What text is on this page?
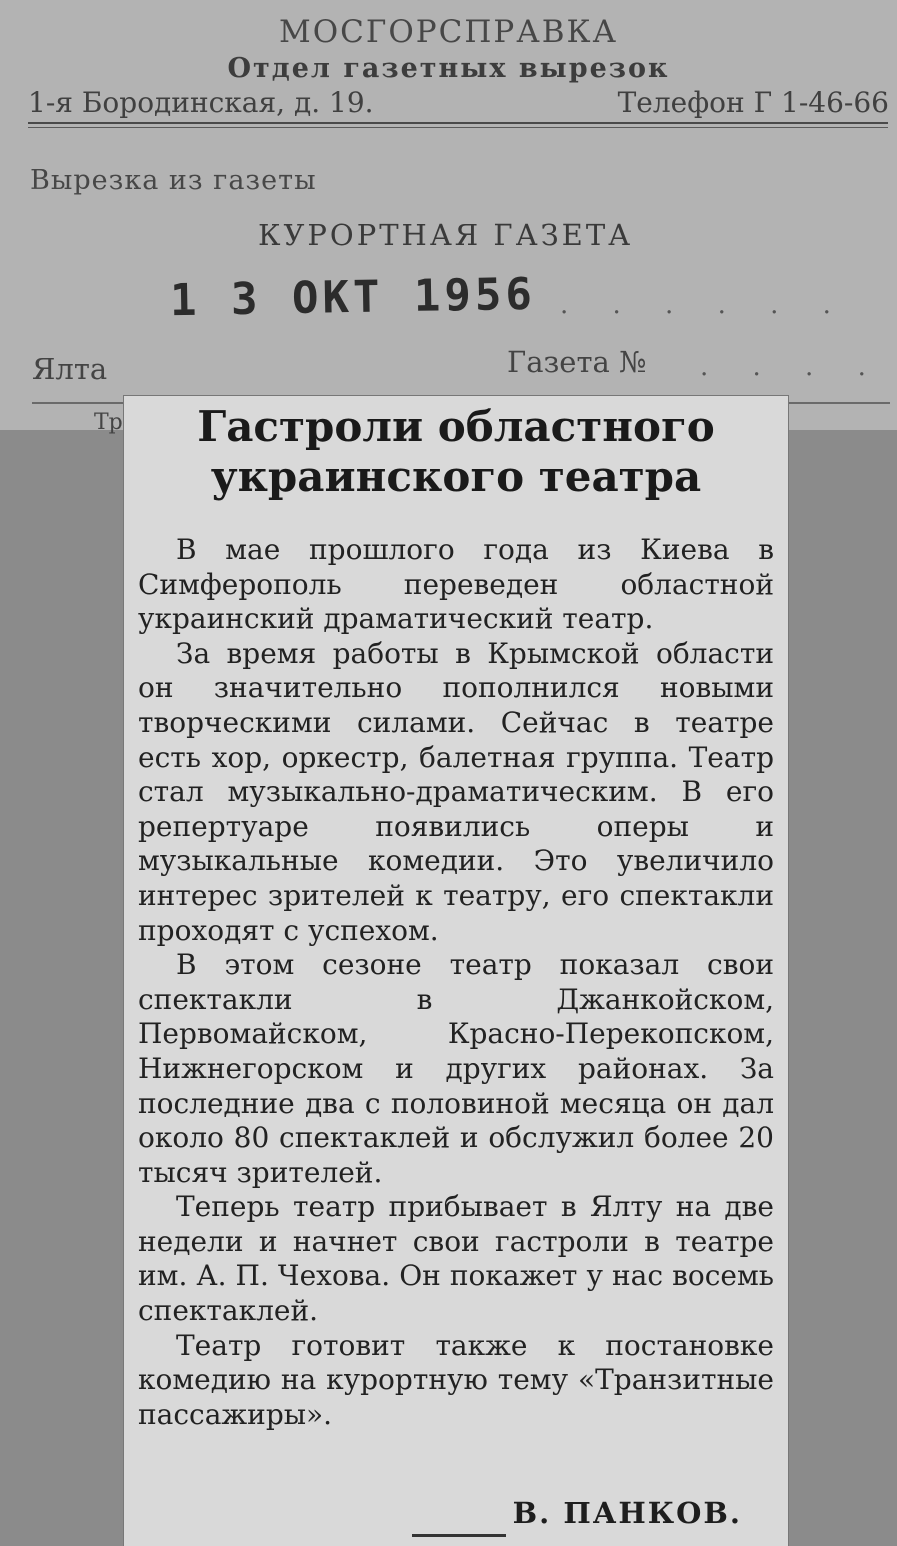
МОСГОРСПРАВКА
Отдел газетных вырезок
1-я Бородинская, д. 19.	Телефон Г 1-46-66
Вырезка из газеты
КУРОРТНАЯ ГАЗЕТА
1 3 ОКТ 1956 . . . . . .
Ялта	Газета № . . . .
Тр	Гастроли областного
украинского театра

В мае прошлого года из Киева в Симферополь переведен областной украинский драматический театр.

За время работы в Крымской области он значительно пополнился новыми творческими силами. Сейчас в театре есть хор, оркестр, балетная группа. Театр стал музыкально-драматическим. В его репертуаре появились оперы и музыкальные комедии. Это увеличило интерес зрителей к театру, его спектакли проходят с успехом.

В этом сезоне театр показал свои спектакли в Джанкойском, Первомайском, Красно-Перекопском, Нижнегорском и других районах. За последние два с половиной месяца он дал около 80 спектаклей и обслужил более 20 тысяч зрителей.

Теперь театр прибывает в Ялту на две недели и начнет свои гастроли в театре им. А. П. Чехова. Он покажет у нас восемь спектаклей.

Театр готовит также к постановке комедию на курортную тему «Транзитные пассажиры».

В. ПАНКОВ.
